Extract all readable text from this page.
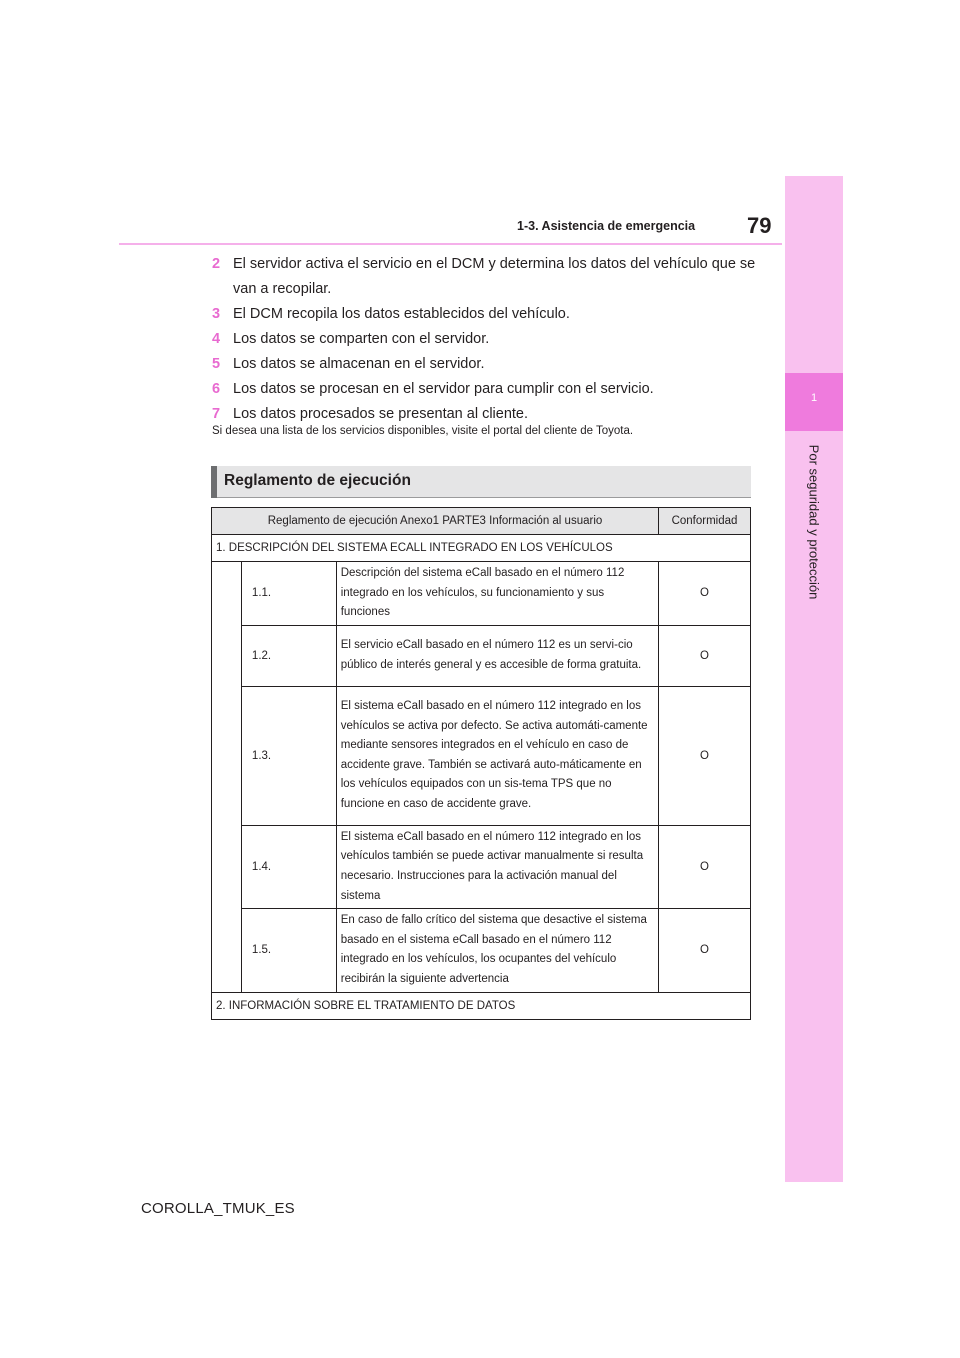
1
Por seguridad y protección
1-3. Asistencia de emergencia 79
2 El servidor activa el servicio en el DCM y determina los datos del vehículo que se van a recopilar.
3 El DCM recopila los datos establecidos del vehículo.
4 Los datos se comparten con el servidor.
5 Los datos se almacenan en el servidor.
6 Los datos se procesan en el servidor para cumplir con el servicio.
7 Los datos procesados se presentan al cliente.
Si desea una lista de los servicios disponibles, visite el portal del cliente de Toyota.
Reglamento de ejecución
Reglamento de ejecución Anexo1 PARTE3 Información al usuario			Conformidad
1. DESCRIPCIÓN DEL SISTEMA ECALL INTEGRADO EN LOS VEHÍCULOS			
	1.1.	Descripción del sistema eCall basado en el número 112 integrado en los vehículos, su funcionamiento y sus funciones	O
	1.2.	El servicio eCall basado en el número 112 es un servi-cio público de interés general y es accesible de forma gratuita.	O
	1.3.	El sistema eCall basado en el número 112 integrado en los vehículos se activa por defecto. Se activa automáti-camente mediante sensores integrados en el vehículo en caso de accidente grave. También se activará auto-máticamente en los vehículos equipados con un sis-tema TPS que no funcione en caso de accidente grave.	O
	1.4.	El sistema eCall basado en el número 112 integrado en los vehículos también se puede activar manualmente si resulta necesario. Instrucciones para la activación manual del sistema	O
	1.5.	En caso de fallo crítico del sistema que desactive el sistema basado en el sistema eCall basado en el número 112 integrado en los vehículos, los ocupantes del vehículo recibirán la siguiente advertencia	O
2. INFORMACIÓN SOBRE EL TRATAMIENTO DE DATOS			
COROLLA_TMUK_ES
